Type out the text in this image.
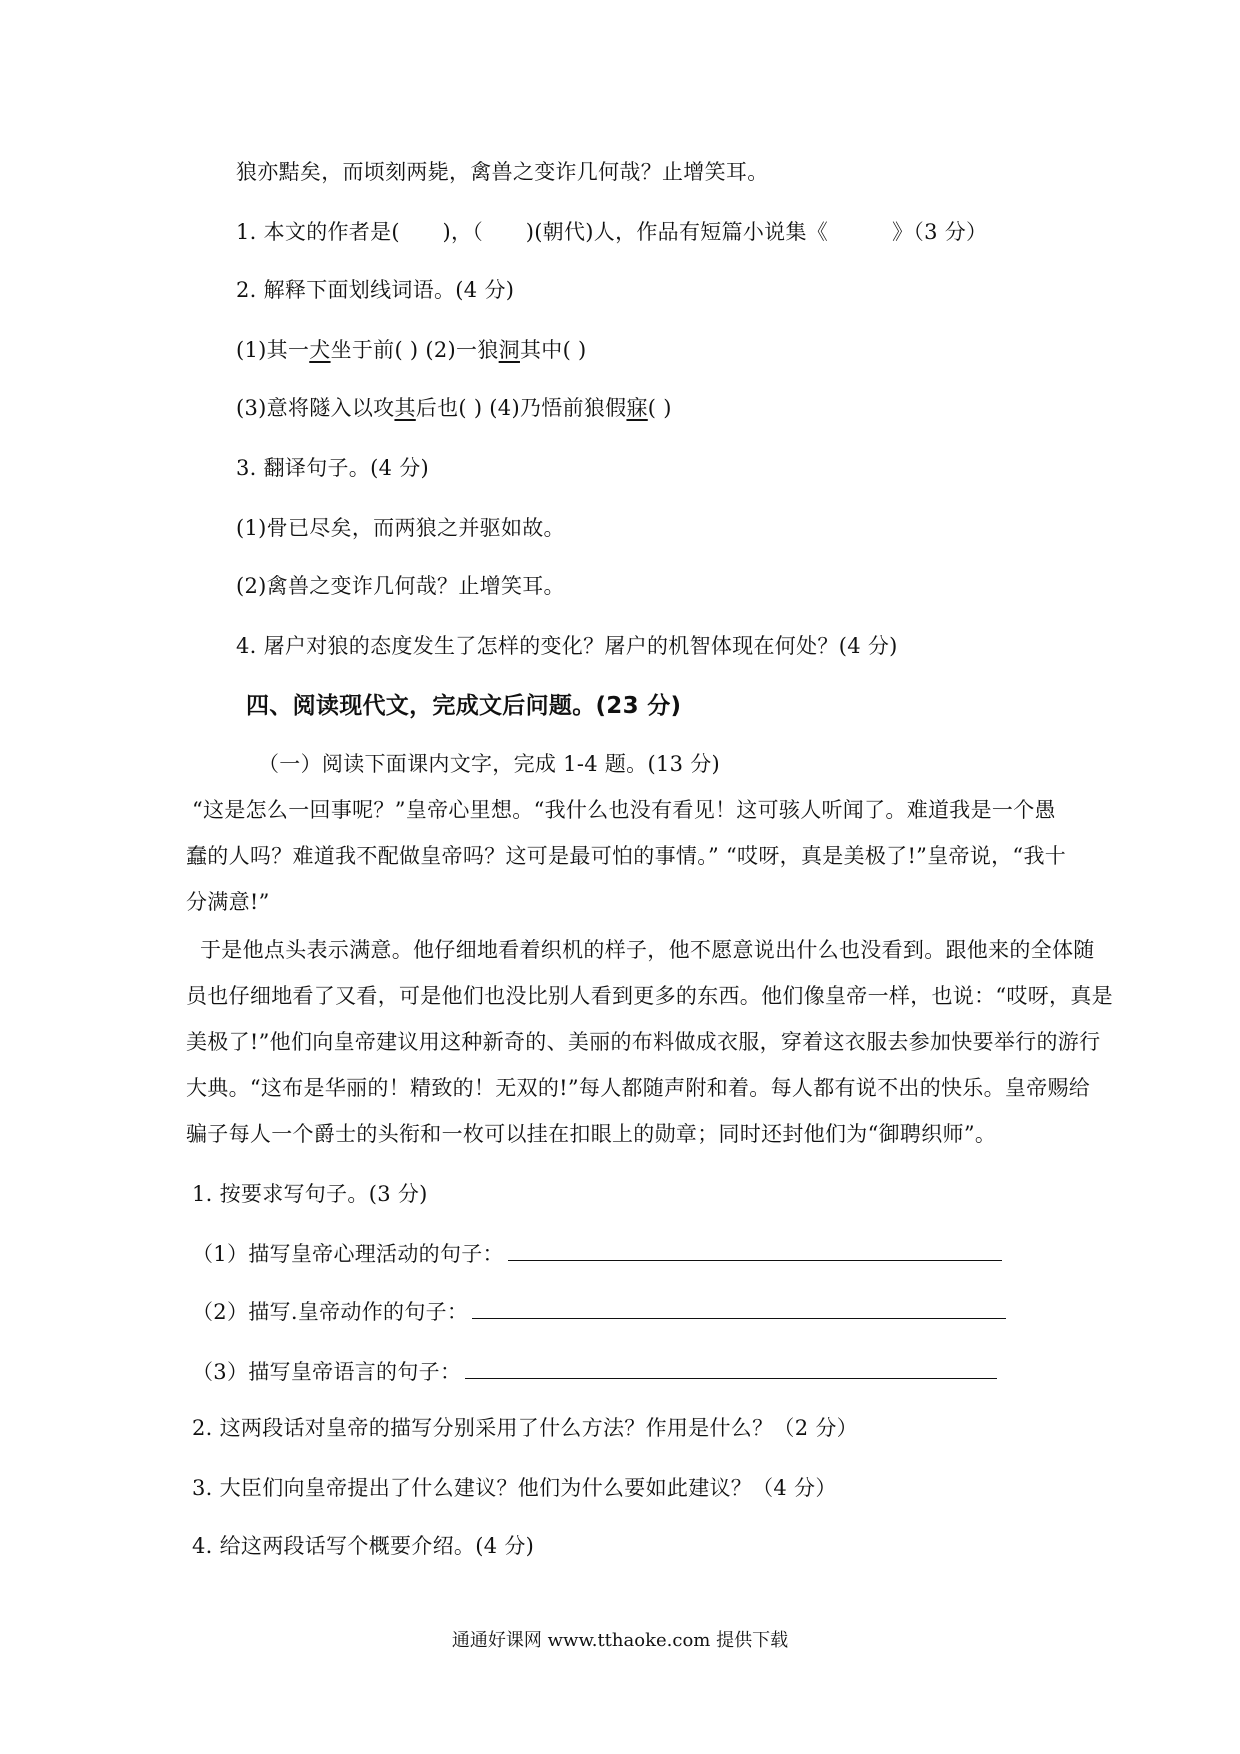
狼亦黠矣，而顷刻两毙，禽兽之变诈几何哉？止增笑耳。

1. 本文的作者是(　　)，（　　)(朝代)人，作品有短篇小说集《　　　》（3 分）

2. 解释下面划线词语。(4 分)

(1)其一犬坐于前( ) (2)一狼洞其中( )

(3)意将隧入以攻其后也( ) (4)乃悟前狼假寐( )

3. 翻译句子。(4 分)

(1)骨已尽矣，而两狼之并驱如故。

(2)禽兽之变诈几何哉？止增笑耳。

4. 屠户对狼的态度发生了怎样的变化？屠户的机智体现在何处？(4 分)

四、阅读现代文，完成文后问题。(23 分)

（一）阅读下面课内文字，完成 1-4 题。(13 分)

“这是怎么一回事呢？”皇帝心里想。“我什么也没有看见！这可骇人听闻了。难道我是一个愚

蠢的人吗？难道我不配做皇帝吗？这可是最可怕的事情。” “哎呀，真是美极了!”皇帝说，“我十

分满意!”

于是他点头表示满意。他仔细地看着织机的样子，他不愿意说出什么也没看到。跟他来的全体随

员也仔细地看了又看，可是他们也没比别人看到更多的东西。他们像皇帝一样，也说：“哎呀，真是

美极了!”他们向皇帝建议用这种新奇的、美丽的布料做成衣服，穿着这衣服去参加快要举行的游行

大典。“这布是华丽的！精致的！无双的!”每人都随声附和着。每人都有说不出的快乐。皇帝赐给

骗子每人一个爵士的头衔和一枚可以挂在扣眼上的勋章；同时还封他们为“御聘织师”。

1. 按要求写句子。(3 分)

（1）描写皇帝心理活动的句子：

（2）描写.皇帝动作的句子：

（3）描写皇帝语言的句子：

2. 这两段话对皇帝的描写分别采用了什么方法？作用是什么？（2 分）

3. 大臣们向皇帝提出了什么建议？他们为什么要如此建议？（4 分）

4. 给这两段话写个概要介绍。(4 分)

通通好课网 www.tthaoke.com 提供下载
